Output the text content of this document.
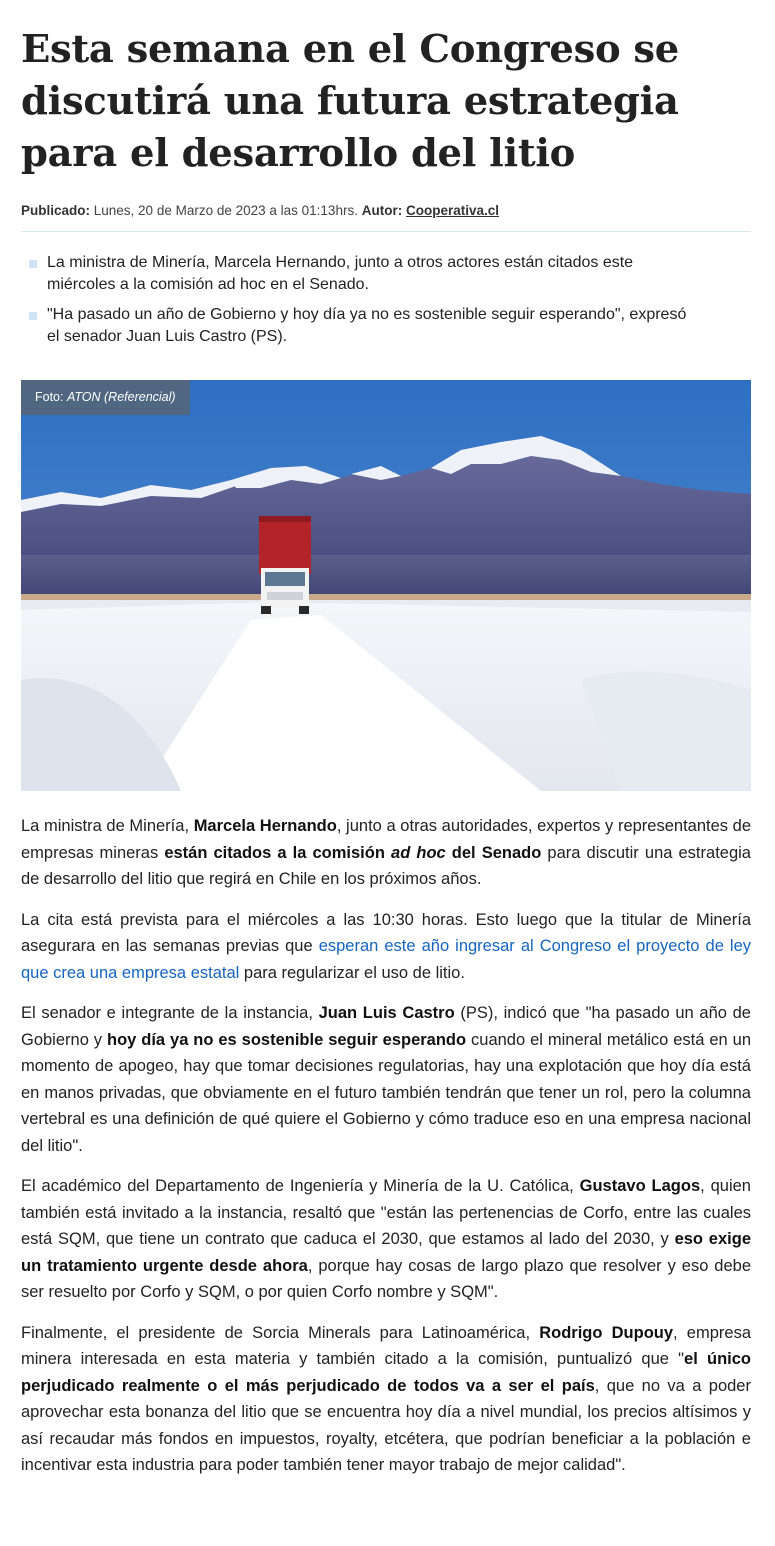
Esta semana en el Congreso se discutirá una futura estrategia para el desarrollo del litio
Publicado: Lunes, 20 de Marzo de 2023 a las 01:13hrs. Autor: Cooperativa.cl
La ministra de Minería, Marcela Hernando, junto a otros actores están citados este miércoles a la comisión ad hoc en el Senado.
"Ha pasado un año de Gobierno y hoy día ya no es sostenible seguir esperando", expresó el senador Juan Luis Castro (PS).
Foto: ATON (Referencial)

La ministra de Minería, Marcela Hernando, junto a otras autoridades, expertos y representantes de empresas mineras están citados a la comisión ad hoc del Senado para discutir una estrategia de desarrollo del litio que regirá en Chile en los próximos años.

La cita está prevista para el miércoles a las 10:30 horas. Esto luego que la titular de Minería asegurara en las semanas previas que esperan este año ingresar al Congreso el proyecto de ley que crea una empresa estatal para regularizar el uso de litio.

El senador e integrante de la instancia, Juan Luis Castro (PS), indicó que "ha pasado un año de Gobierno y hoy día ya no es sostenible seguir esperando cuando el mineral metálico está en un momento de apogeo, hay que tomar decisiones regulatorias, hay una explotación que hoy día está en manos privadas, que obviamente en el futuro también tendrán que tener un rol, pero la columna vertebral es una definición de qué quiere el Gobierno y cómo traduce eso en una empresa nacional del litio".

El académico del Departamento de Ingeniería y Minería de la U. Católica, Gustavo Lagos, quien también está invitado a la instancia, resaltó que "están las pertenencias de Corfo, entre las cuales está SQM, que tiene un contrato que caduca el 2030, que estamos al lado del 2030, y eso exige un tratamiento urgente desde ahora, porque hay cosas de largo plazo que resolver y eso debe ser resuelto por Corfo y SQM, o por quien Corfo nombre y SQM".

Finalmente, el presidente de Sorcia Minerals para Latinoamérica, Rodrigo Dupouy, empresa minera interesada en esta materia y también citado a la comisión, puntualizó que "el único perjudicado realmente o el más perjudicado de todos va a ser el país, que no va a poder aprovechar esta bonanza del litio que se encuentra hoy día a nivel mundial, los precios altísimos y así recaudar más fondos en impuestos, royalty, etcétera, que podrían beneficiar a la población e incentivar esta industria para poder también tener mayor trabajo de mejor calidad".
